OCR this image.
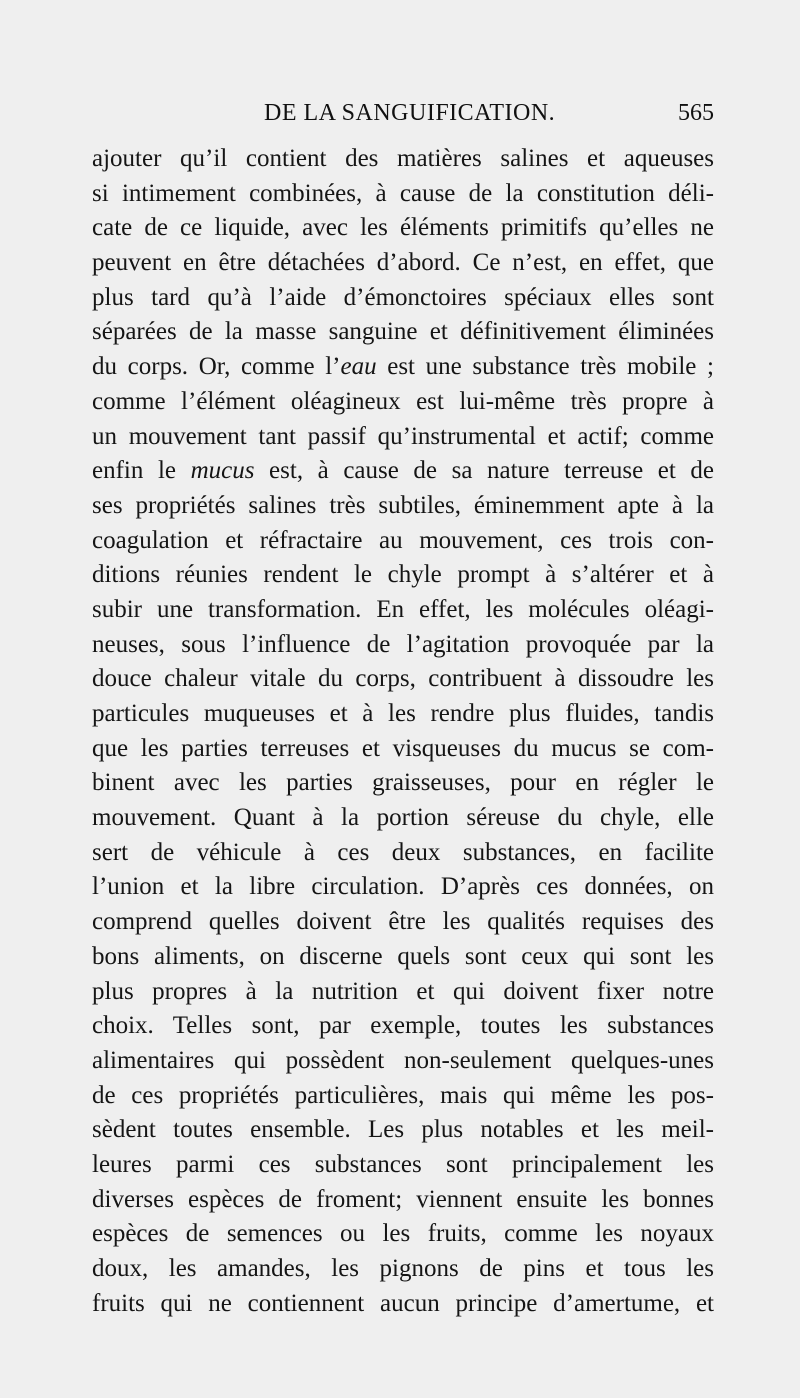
DE LA SANGUIFICATION.	565
ajouter qu’il contient des matières salines et aqueuses
si intimement combinées, à cause de la constitution déli-
cate de ce liquide, avec les éléments primitifs qu’elles ne
peuvent en être détachées d’abord. Ce n’est, en effet, que
plus tard qu’à l’aide d’émonctoires spéciaux elles sont
séparées de la masse sanguine et définitivement éliminées
du corps. Or, comme l’eau est une substance très mobile ;
comme l’élément oléagineux est lui-même très propre à
un mouvement tant passif qu’instrumental et actif; comme
enfin le mucus est, à cause de sa nature terreuse et de
ses propriétés salines très subtiles, éminemment apte à la
coagulation et réfractaire au mouvement, ces trois con-
ditions réunies rendent le chyle prompt à s’altérer et à
subir une transformation. En effet, les molécules oléagi-
neuses, sous l’influence de l’agitation provoquée par la
douce chaleur vitale du corps, contribuent à dissoudre les
particules muqueuses et à les rendre plus fluides, tandis
que les parties terreuses et visqueuses du mucus se com-
binent avec les parties graisseuses, pour en régler le
mouvement. Quant à la portion séreuse du chyle, elle
sert de véhicule à ces deux substances, en facilite
l’union et la libre circulation. D’après ces données, on
comprend quelles doivent être les qualités requises des
bons aliments, on discerne quels sont ceux qui sont les
plus propres à la nutrition et qui doivent fixer notre
choix. Telles sont, par exemple, toutes les substances
alimentaires qui possèdent non-seulement quelques-unes
de ces propriétés particulières, mais qui même les pos-
sèdent toutes ensemble. Les plus notables et les meil-
leures parmi ces substances sont principalement les
diverses espèces de froment; viennent ensuite les bonnes
espèces de semences ou les fruits, comme les noyaux
doux, les amandes, les pignons de pins et tous les
fruits qui ne contiennent aucun principe d’amertume, et
